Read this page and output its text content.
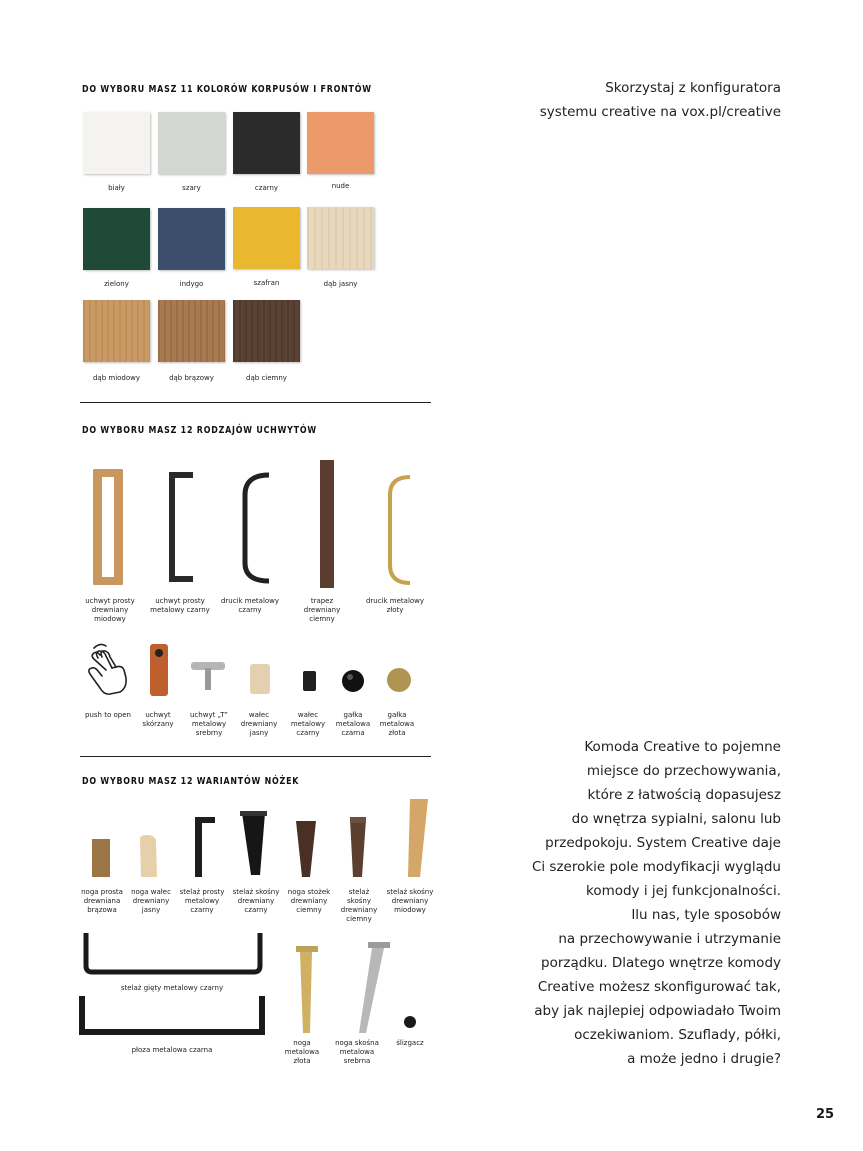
DO WYBORU MASZ 11 KOLORÓW KORPUSÓW I FRONTÓW
DO WYBORU MASZ 12 RODZAJÓW UCHWYTÓW
DO WYBORU MASZ 12 WARIANTÓW NÓŻEK
biały	szary	czarny	nude
zielony	indygo	szafran	dąb jasny
dąb miodowy	dąb brązowy	dąb ciemny
uchwyt prosty drewniany miodowy
uchwyt prosty metalowy czarny
drucik metalowy czarny
trapez drewniany ciemny
drucik metalowy złoty
push to open	uchwyt skórzany
uchwyt „T” metalowy srebrny
wałec drewniany jasny
wałec metalowy czarny
gałka metalowa czarna
gałka metalowa złota
noga prosta drewniana brązowa
noga wałec drewniany jasny
stelaż prosty metalowy czarny
stelaż skośny drewniany czarny
noga stożek drewniany ciemny
stelaż skośny drewniany ciemny
stelaż skośny drewniany miodowy
stelaż gięty metalowy czarny
płoza metalowa czarna
noga metalowa złota
noga skośna metalowa srebrna
ślizgacz
Skorzystaj z konfiguratora
systemu creative na vox.pl/creative
Komoda Creative to pojemne
miejsce do przechowywania,
które z łatwością dopasujesz
do wnętrza sypialni, salonu lub
przedpokoju. System Creative daje
Ci szerokie pole modyfikacji wyglądu
komody i jej funkcjonalności.
Ilu nas, tyle sposobów
na przechowywanie i utrzymanie
porządku. Dlatego wnętrze komody
Creative możesz skonfigurować tak,
aby jak najlepiej odpowiadało Twoim
oczekiwaniom. Szuflady, półki,
a może jedno i drugie?
25
